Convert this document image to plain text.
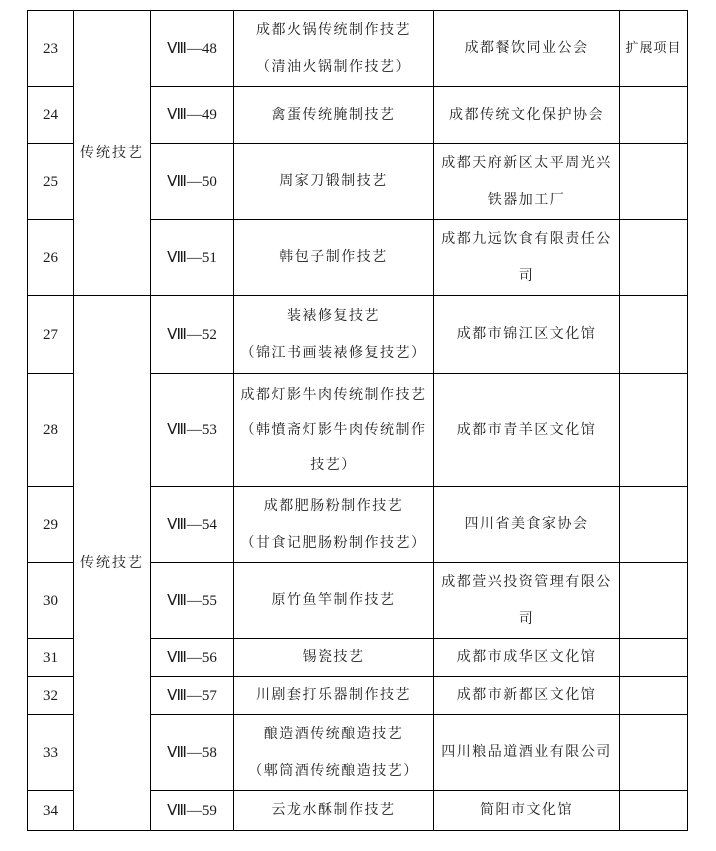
23	传统技艺	Ⅷ—48	成都火锅传统制作技艺
（清油火锅制作技艺）	成都餐饮同业公会	扩展项目
24		Ⅷ—49	禽蛋传统腌制技艺	成都传统文化保护协会	

25		Ⅷ—50	周家刀锻制技艺	成都天府新区太平周光兴
铁器加工厂	

26		Ⅷ—51	韩包子制作技艺	成都九远饮食有限责任公
司	

27	传统技艺	Ⅷ—52	装裱修复技艺
（锦江书画装裱修复技艺）	成都市锦江区文化馆	

28		Ⅷ—53	成都灯影牛肉传统制作技艺
（韩憤斋灯影牛肉传统制作
技艺）	成都市青羊区文化馆	

29		Ⅷ—54	成都肥肠粉制作技艺
（甘食记肥肠粉制作技艺）	四川省美食家协会	

30		Ⅷ—55	原竹鱼竿制作技艺	成都萱兴投资管理有限公
司	

31		Ⅷ—56	锡瓷技艺	成都市成华区文化馆	

32		Ⅷ—57	川剧套打乐器制作技艺	成都市新都区文化馆	

33		Ⅷ—58	酿造酒传统酿造技艺
（郫筒酒传统酿造技艺）	四川粮品道酒业有限公司	

34		Ⅷ—59	云龙水酥制作技艺	简阳市文化馆	
